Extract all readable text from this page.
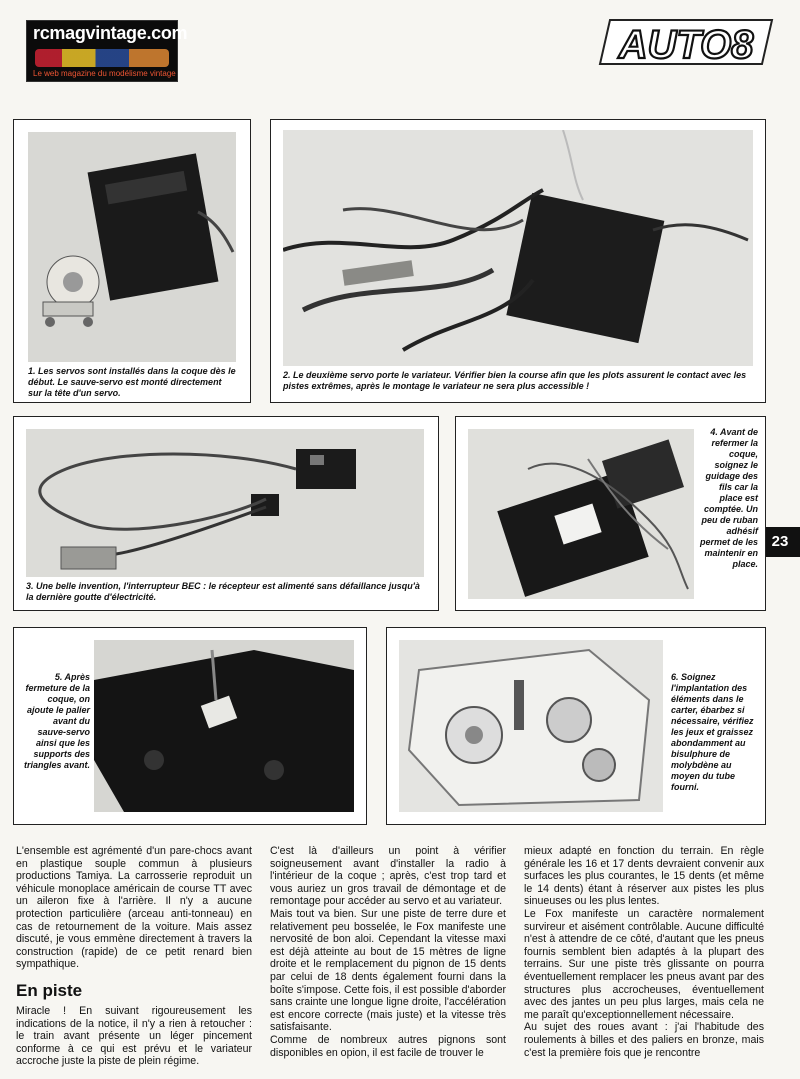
rcmagvintage.com
Le web magazine du modélisme vintage
AUTO8
23
1. Les servos sont installés dans la coque dès le début. Le sauve-servo est monté directement sur la tête d'un servo.
2. Le deuxième servo porte le variateur. Vérifier bien la course afin que les plots assurent le contact avec les pistes extrêmes, après le montage le variateur ne sera plus accessible !
3. Une belle invention, l'interrupteur BEC : le récepteur est alimenté sans défaillance jusqu'à la dernière goutte d'électricité.
4. Avant de refermer la coque, soignez le guidage des fils car la place est comptée. Un peu de ruban adhésif permet de les maintenir en place.
5. Après fermeture de la coque, on ajoute le palier avant du sauve-servo ainsi que les supports des triangles avant.
6. Soignez l'implantation des éléments dans le carter, ébarbez si nécessaire, vérifiez les jeux et graissez abondamment au bisulphure de molybdène au moyen du tube fourni.

L'ensemble est agrémenté d'un pare-chocs avant en plastique souple commun à plusieurs productions Tamiya. La carrosserie reproduit un véhicule monoplace américain de course TT avec un aileron fixe à l'arrière. Il n'y a aucune protection particulière (arceau anti-tonneau) en cas de retournement de la voiture. Mais assez discuté, je vous emmène directement à travers la construction (rapide) de ce petit renard bien sympathique.

En piste

Miracle ! En suivant rigoureusement les indications de la notice, il n'y a rien à retoucher : le train avant présente un léger pincement conforme à ce qui est prévu et le variateur accroche juste la piste de plein régime.

C'est là d'ailleurs un point à vérifier soigneusement avant d'installer la radio à l'intérieur de la coque ; après, c'est trop tard et vous auriez un gros travail de démontage et de remontage pour accéder au servo et au variateur.

Mais tout va bien. Sur une piste de terre dure et relativement peu bosselée, le Fox manifeste une nervosité de bon aloi. Cependant la vitesse maxi est déjà atteinte au bout de 15 mètres de ligne droite et le remplacement du pignon de 15 dents par celui de 18 dents également fourni dans la boîte s'impose. Cette fois, il est possible d'aborder sans crainte une longue ligne droite, l'accélération est encore correcte (mais juste) et la vitesse très satisfaisante.

Comme de nombreux autres pignons sont disponibles en opion, il est facile de trouver le

mieux adapté en fonction du terrain. En règle générale les 16 et 17 dents devraient convenir aux surfaces les plus courantes, le 15 dents (et même le 14 dents) étant à réserver aux pistes les plus sinueuses ou les plus lentes.

Le Fox manifeste un caractère normalement survireur et aisément contrôlable. Aucune difficulté n'est à attendre de ce côté, d'autant que les pneus fournis semblent bien adaptés à la plupart des terrains. Sur une piste très glissante on pourra éventuellement remplacer les pneus avant par des structures plus accrocheuses, éventuellement avec des jantes un peu plus larges, mais cela ne me paraît qu'exceptionnellement nécessaire.

Au sujet des roues avant : j'ai l'habitude des roulements à billes et des paliers en bronze, mais c'est la première fois que je rencontre
